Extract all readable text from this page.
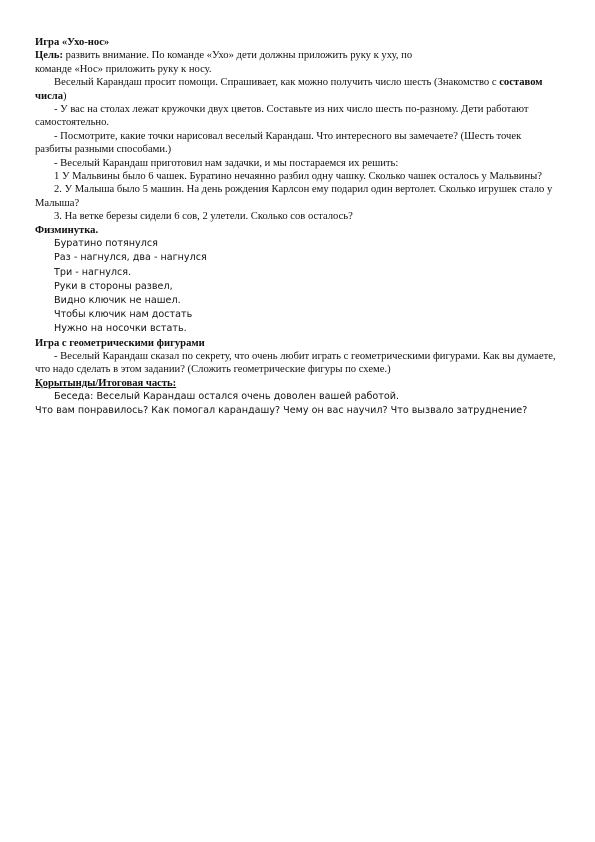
Игра «Ухо-нос»

Цель: развить внимание. По команде «Ухо» дети должны приложить руку к уху, по

команде «Нос» приложить руку к носу.

Веселый Карандаш просит помощи. Спрашивает, как можно получить число шесть (Знакомство с составом числа)

- У вас на столах лежат кружочки двух цветов. Составьте из них число шесть по-разному. Дети работают самостоятельно.

- Посмотрите, какие точки нарисовал веселый Карандаш. Что интересного вы замечаете? (Шесть точек разбиты разными способами.)

- Веселый Карандаш приготовил нам задачки, и мы постараемся их решить:

1 У Мальвины было 6 чашек. Буратино нечаянно разбил одну чашку. Сколько чашек осталось у Мальвины?

2. У Малыша было 5 машин. На день рождения Карлсон ему подарил один вертолет. Сколько игрушек стало у Малыша?

3. На ветке березы сидели 6 сов, 2 улетели. Сколько сов осталось?

Физминутка.

Буратино потянулся
Раз - нагнулся, два - нагнулся
Три - нагнулся.
Руки в стороны развел,
Видно ключик не нашел.
Чтобы ключик нам достать
Нужно на носочки встать.

Игра с геометрическими фигурами

- Веселый Карандаш сказал по секрету, что очень любит играть с геометрическими фигурами. Как вы думаете, что надо сделать в этом задании? (Сложить геометрические фигуры по схеме.)

Қорытынды/Итоговая часть:

Беседа: Веселый Карандаш остался очень доволен вашей работой.

Что вам понравилось? Как помогал карандашу? Чему он вас научил? Что вызвало затруднение?
